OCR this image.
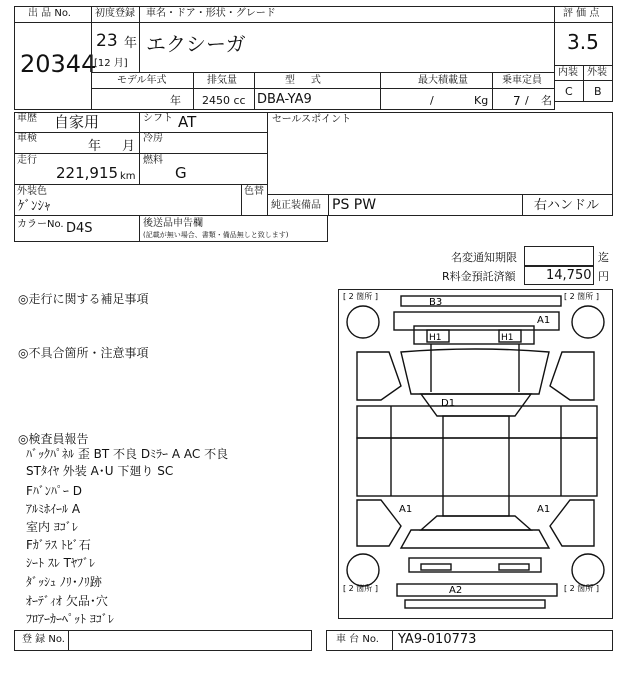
出 品 No.
20344
初度登録
23 年
[12 月]
車名・ドア・形状・グレード
エクシーガ
評 価 点
3.5
内装 外装
C B
モデル年式
年
排気量
2450 cc
型     式
DBA-YA9
最大積載量
/	Kg
乗車定員
7 / 名
車歴 自家用	シフト AT	セールスポイント
車検
年 月
冷房
走行
221,915 km
燃料
G
外装色
ｹﾞﾝｼｬ
色替
純正装備品 PS PW	右ハンドル
カラーNo. D4S	後送品申告欄
(記載が無い場合、書類・備品無しと致します)
名変通知期限	迄
R料金預託済額 14,750 円
◎走行に関する補足事項
◎不具合箇所・注意事項
◎検査員報告
ﾊﾞｯｸﾊﾟﾈﾙ 歪 BT 不良 Dﾐﾗｰ A AC 不良
STﾀｲﾔ 外装 A･U 下廻り SC
Fﾊﾞﾝﾊﾟｰ D
ｱﾙﾐﾎｲｰﾙ A
室内 ﾖｺﾞﾚ
Fｶﾞﾗｽ ﾄﾋﾞ石
ｼｰﾄ ｽﾚ Tﾔﾌﾞﾚ
ﾀﾞｯｼｭ ﾉﾘ･ﾉﾘ跡
ｵｰﾃﾞｨｵ 欠品･穴
ﾌﾛｱｰｶｰﾍﾟｯﾄ ﾖｺﾞﾚ
[ 2 箇所 ]	[ 2 箇所 ]
[ 2 箇所 ]	[ 2 箇所 ]
B3
A1
H1	H1
D1
A1	A1
A2
登 録 No.	車 台 No. YA9-010773
